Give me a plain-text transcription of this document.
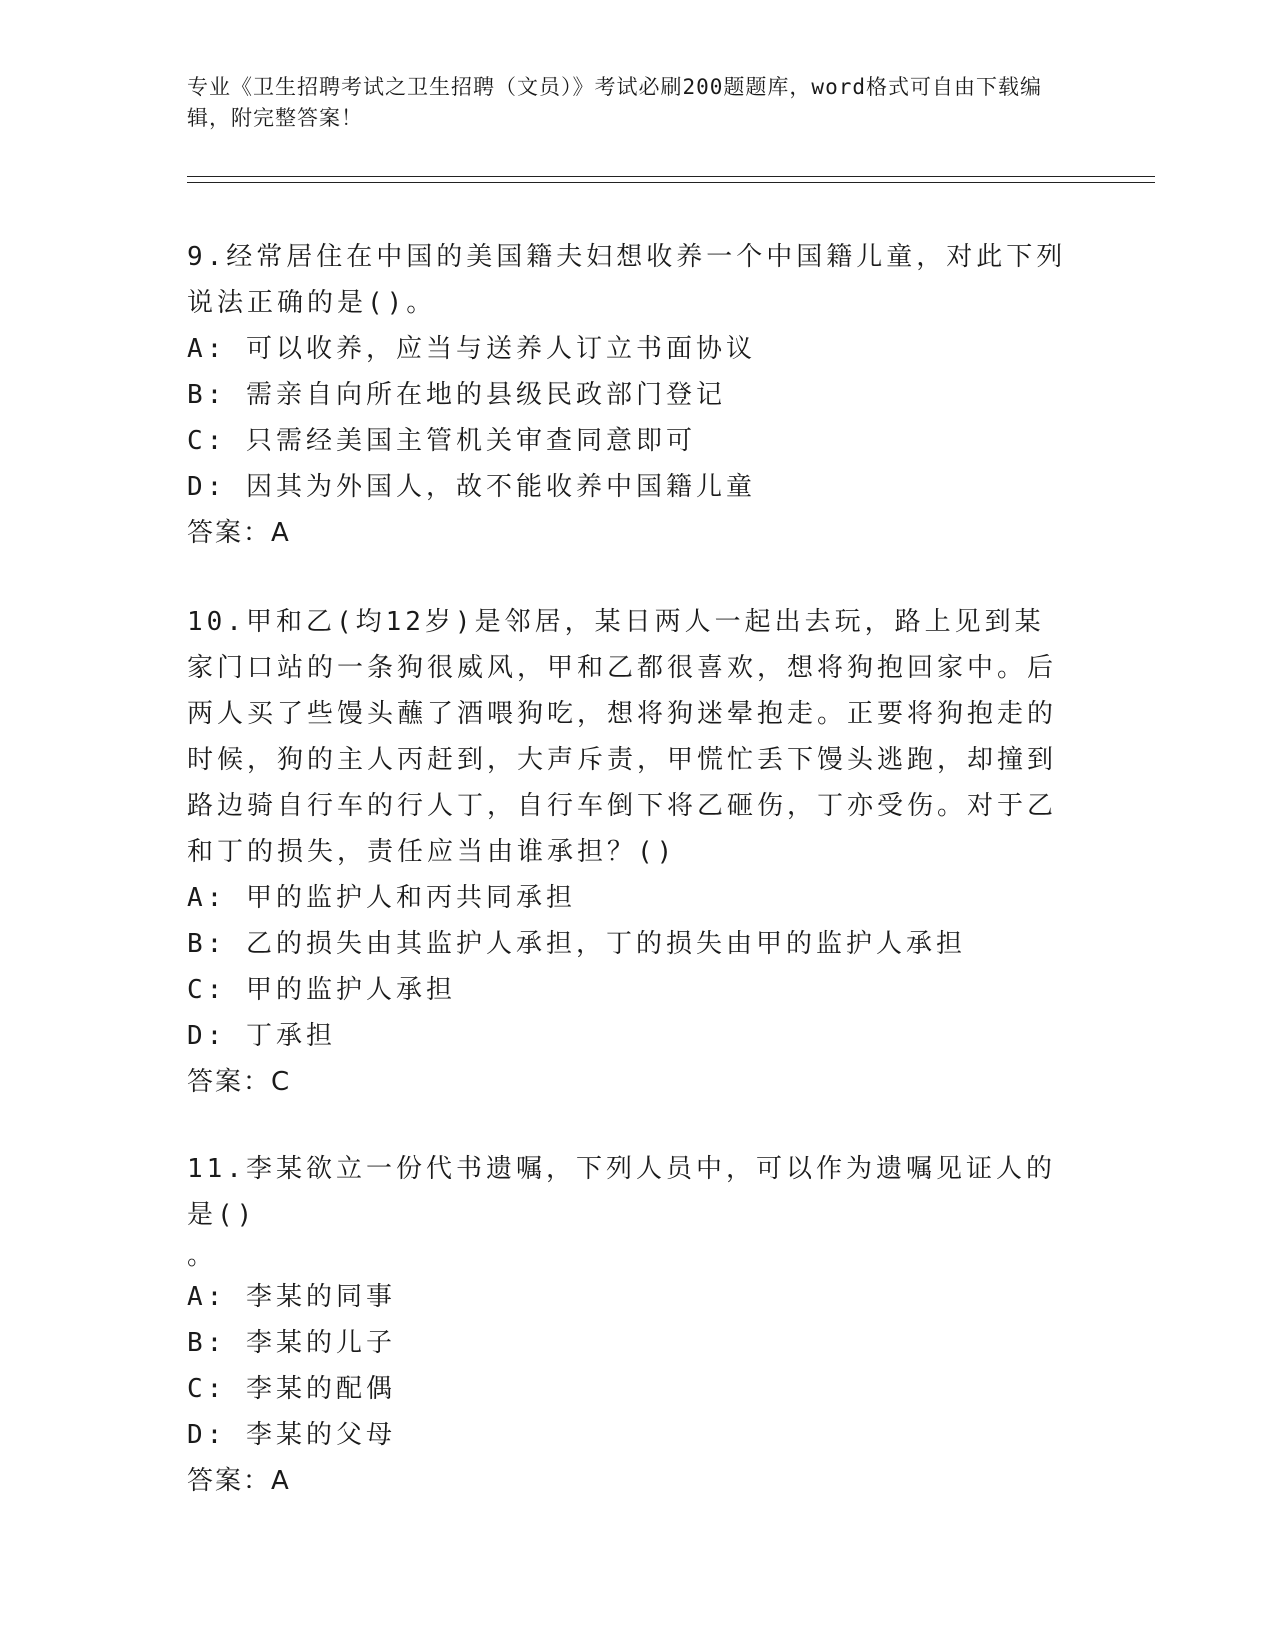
专业《卫生招聘考试之卫生招聘（文员）》考试必刷200题题库，word格式可自由下载编辑，附完整答案！
9.经常居住在中国的美国籍夫妇想收养一个中国籍儿童，对此下列说法正确的是()。
A: 可以收养，应当与送养人订立书面协议
B: 需亲自向所在地的县级民政部门登记
C: 只需经美国主管机关审查同意即可
D: 因其为外国人，故不能收养中国籍儿童
答案：A
10.甲和乙(均12岁)是邻居，某日两人一起出去玩，路上见到某家门口站的一条狗很威风，甲和乙都很喜欢，想将狗抱回家中。后两人买了些馒头蘸了酒喂狗吃，想将狗迷晕抱走。正要将狗抱走的时候，狗的主人丙赶到，大声斥责，甲慌忙丢下馒头逃跑，却撞到路边骑自行车的行人丁，自行车倒下将乙砸伤，丁亦受伤。对于乙和丁的损失，责任应当由谁承担？()
A: 甲的监护人和丙共同承担
B: 乙的损失由其监护人承担，丁的损失由甲的监护人承担
C: 甲的监护人承担
D: 丁承担
答案：C
11.李某欲立一份代书遗嘱，下列人员中，可以作为遗嘱见证人的是()
。
A: 李某的同事
B: 李某的儿子
C: 李某的配偶
D: 李某的父母
答案：A
